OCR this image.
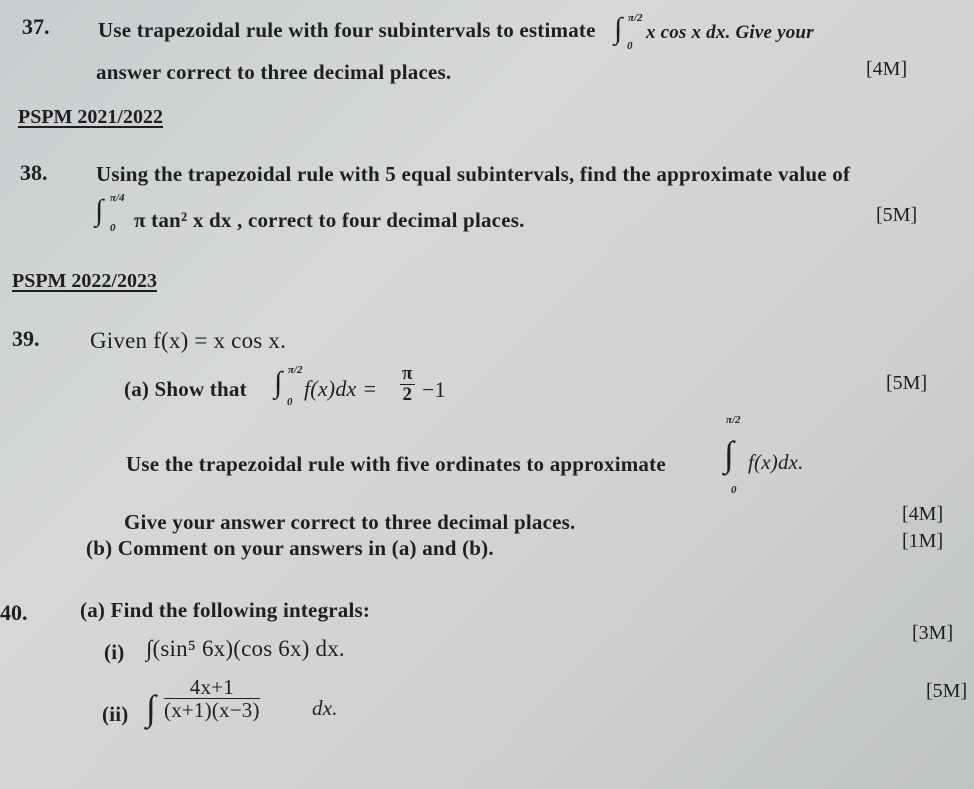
37. Use trapezoidal rule with four subintervals to estimate ∫ π/2
0
x cos x dx. Give your
answer correct to three decimal places.	[4M]
PSPM 2021/2022
38. Using the trapezoidal rule with 5 equal subintervals, find the approximate value of
∫ π/4
0 π tan² x dx , correct to four decimal places.	[5M]
PSPM 2022/2023
39. Given f(x) = x cos x.
(a) Show that ∫ π/2
0
$f(x)dx = \frac{\pi}{2} -1$	[5M]
Use the trapezoidal rule with five ordinates to approximate
π/2
∫
0
f(x)dx.
Give your answer correct to three decimal places.	[4M]
(b) Comment on your answers in (a) and (b).	[1M]
40.	(a) Find the following integrals:
(i) ∫(sin⁵ 6x)(cos 6x) dx.
[3M]
(ii) ∫ $\frac{4x+1}{(x+1)(x-3)}$ dx.
[5M]
